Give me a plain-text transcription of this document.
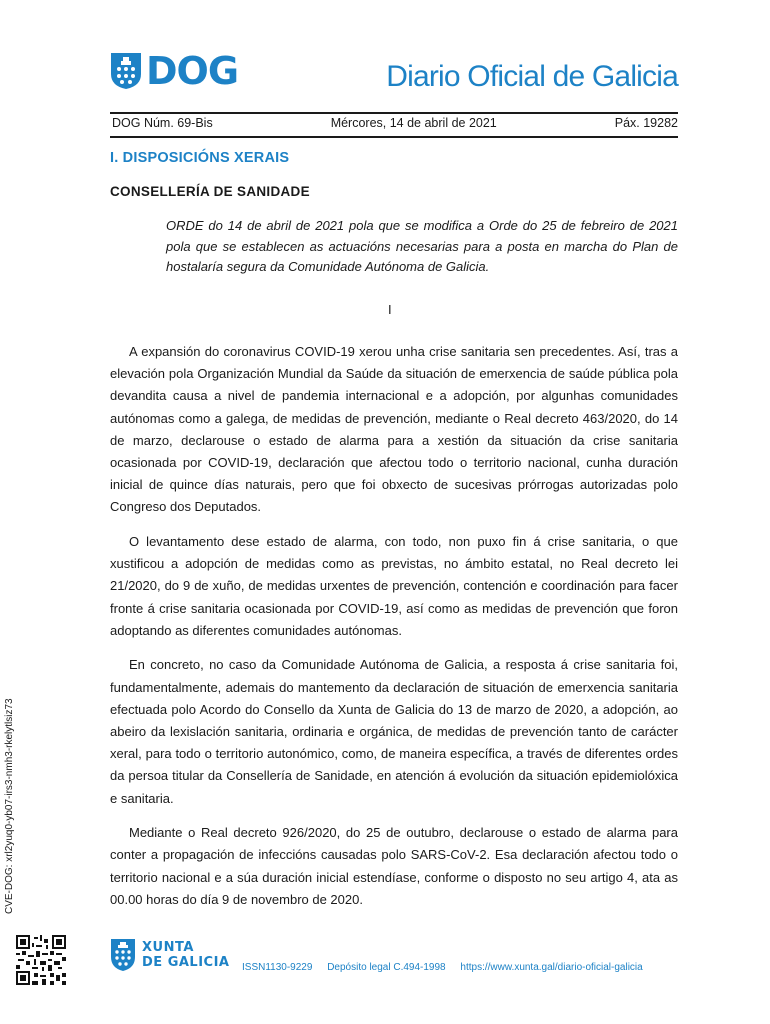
DOG	Diario Oficial de Galicia
DOG Núm. 69-Bis	Mércores, 14 de abril de 2021	Páx. 19282
I. DISPOSICIÓNS XERAIS
CONSELLERÍA DE SANIDADE
ORDE do 14 de abril de 2021 pola que se modifica a Orde do 25 de febreiro de 2021 pola que se establecen as actuacións necesarias para a posta en marcha do Plan de hostalaría segura da Comunidade Autónoma de Galicia.
I

A expansión do coronavirus COVID-19 xerou unha crise sanitaria sen precedentes. Así, tras a elevación pola Organización Mundial da Saúde da situación de emerxencia de saúde pública pola devandita causa a nivel de pandemia internacional e a adopción, por algunhas comunidades autónomas como a galega, de medidas de prevención, mediante o Real decreto 463/2020, do 14 de marzo, declarouse o estado de alarma para a xestión da situación da crise sanitaria ocasionada por COVID-19, declaración que afectou todo o territorio nacional, cunha duración inicial de quince días naturais, pero que foi obxecto de sucesivas prórrogas autorizadas polo Congreso dos Deputados.

O levantamento dese estado de alarma, con todo, non puxo fin á crise sanitaria, o que xustificou a adopción de medidas como as previstas, no ámbito estatal, no Real decreto lei 21/2020, do 9 de xuño, de medidas urxentes de prevención, contención e coordinación para facer fronte á crise sanitaria ocasionada por COVID-19, así como as medidas de prevención que foron adoptando as diferentes comunidades autónomas.

En concreto, no caso da Comunidade Autónoma de Galicia, a resposta á crise sanitaria foi, fundamentalmente, ademais do mantemento da declaración de situación de emerxencia sanitaria efectuada polo Acordo do Consello da Xunta de Galicia do 13 de marzo de 2020, a adopción, ao abeiro da lexislación sanitaria, ordinaria e orgánica, de medidas de prevención tanto de carácter xeral, para todo o territorio autonómico, como, de maneira específica, a través de diferentes ordes da persoa titular da Consellería de Sanidade, en atención á evolución da situación epidemiolóxica e sanitaria.

Mediante o Real decreto 926/2020, do 25 de outubro, declarouse o estado de alarma para conter a propagación de infeccións causadas polo SARS-CoV-2. Esa declaración afectou todo o territorio nacional e a súa duración inicial estendíase, conforme o disposto no seu artigo 4, ata as 00.00 horas do día 9 de novembro de 2020.

CVE-DOG: xrl2yuq0-yb07-irs3-nmh3-rkelytlsiz73
XUNTA
DE GALICIA ISSN1130-9229 Depósito legal C.494-1998 https://www.xunta.gal/diario-oficial-galicia
